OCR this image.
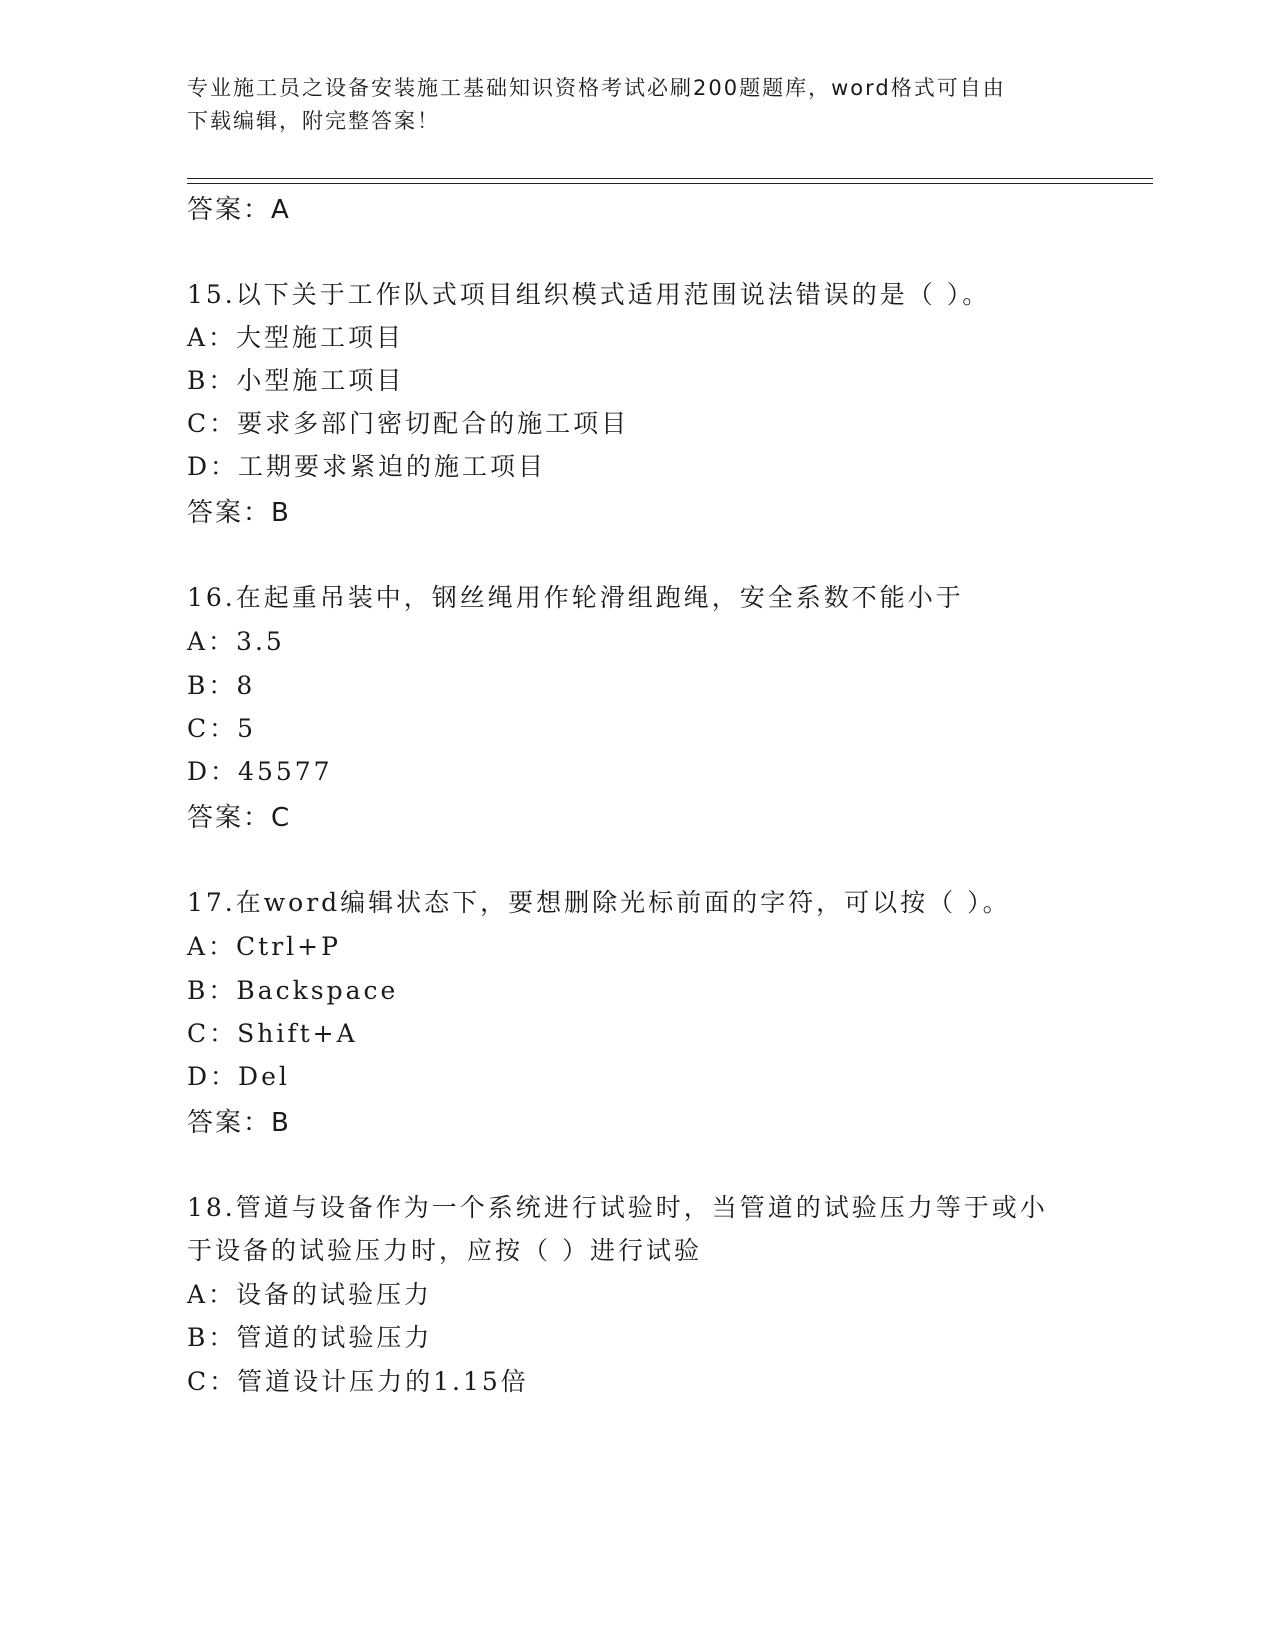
专业施工员之设备安装施工基础知识资格考试必刷200题题库，word格式可自由
下载编辑，附完整答案！
答案：A
15.以下关于工作队式项目组织模式适用范围说法错误的是（ ）。
A：大型施工项目
B：小型施工项目
C：要求多部门密切配合的施工项目
D：工期要求紧迫的施工项目
答案：B
16.在起重吊装中，钢丝绳用作轮滑组跑绳，安全系数不能小于
A：3.5
B：8
C：5
D：45577
答案：C
17.在word编辑状态下，要想删除光标前面的字符，可以按（ ）。
A：Ctrl+P
B：Backspace
C：Shift+A
D：Del
答案：B
18.管道与设备作为一个系统进行试验时，当管道的试验压力等于或小
于设备的试验压力时，应按（ ）进行试验
A：设备的试验压力
B：管道的试验压力
C：管道设计压力的1.15倍
